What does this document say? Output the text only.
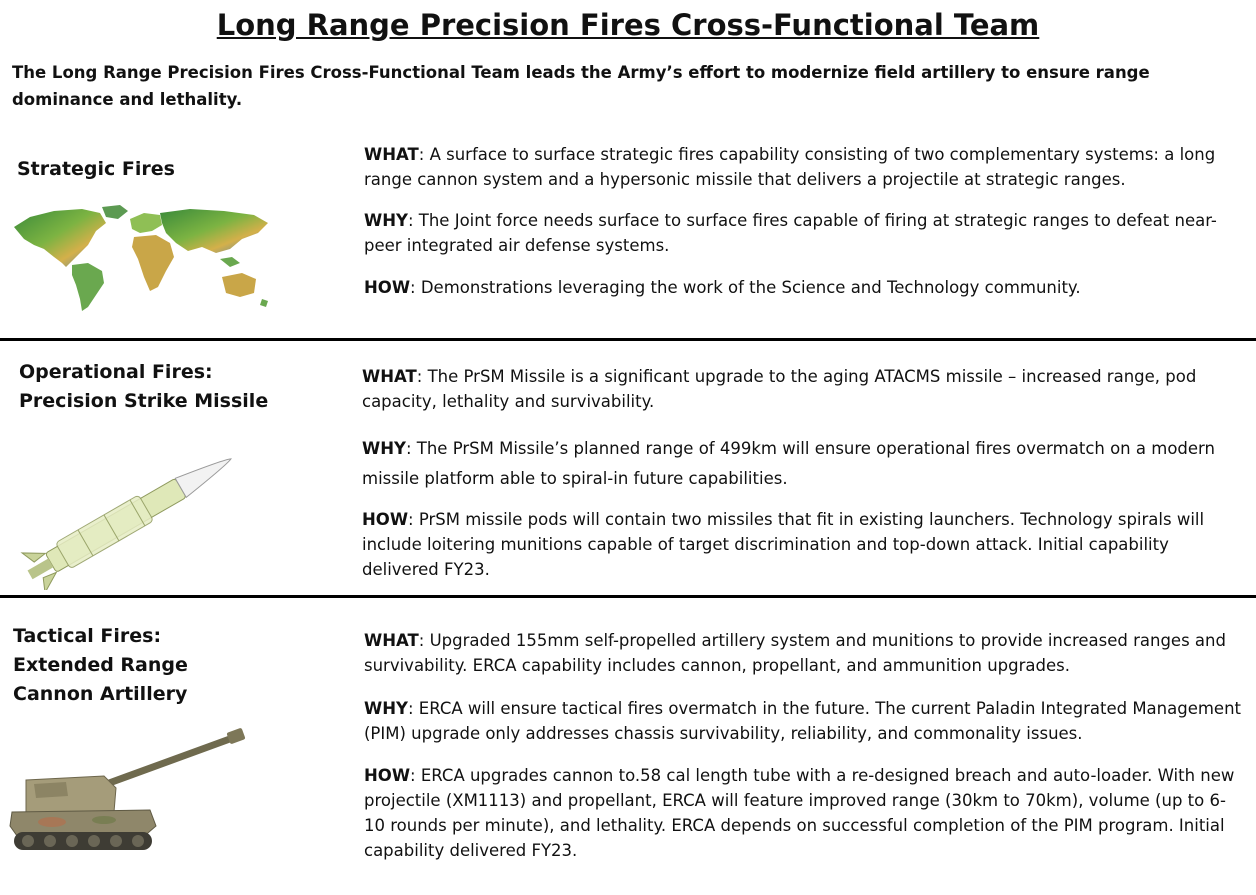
Long Range Precision Fires Cross-Functional Team
The Long Range Precision Fires Cross-Functional Team leads the Army’s effort to modernize field artillery to ensure range dominance and lethality.
Strategic Fires
WHAT: A surface to surface strategic fires capability consisting of two complementary systems: a long range cannon system and a hypersonic missile that delivers a projectile at strategic ranges.
WHY: The Joint force needs surface to surface fires capable of firing at strategic ranges to defeat near-peer integrated air defense systems.
HOW: Demonstrations leveraging the work of the Science and Technology community.
Operational Fires:
Precision Strike Missile
WHAT: The PrSM Missile is a significant upgrade to the aging ATACMS missile – increased range, pod capacity, lethality and survivability.
WHY: The PrSM Missile’s planned range of 499km will ensure operational fires overmatch on a modern missile platform able to spiral-in future capabilities.
HOW: PrSM missile pods will contain two missiles that fit in existing launchers. Technology spirals will include loitering munitions capable of target discrimination and top-down attack. Initial capability delivered FY23.
Tactical Fires:
Extended Range
Cannon Artillery
WHAT: Upgraded 155mm self-propelled artillery system and munitions to provide increased ranges and survivability. ERCA capability includes cannon, propellant, and ammunition upgrades.
WHY: ERCA will ensure tactical fires overmatch in the future. The current Paladin Integrated Management (PIM) upgrade only addresses chassis survivability, reliability, and commonality issues.
HOW: ERCA upgrades cannon to.58 cal length tube with a re-designed breach and auto-loader. With new projectile (XM1113) and propellant, ERCA will feature improved range (30km to 70km), volume (up to 6-10 rounds per minute), and lethality. ERCA depends on successful completion of the PIM program. Initial capability delivered FY23.
